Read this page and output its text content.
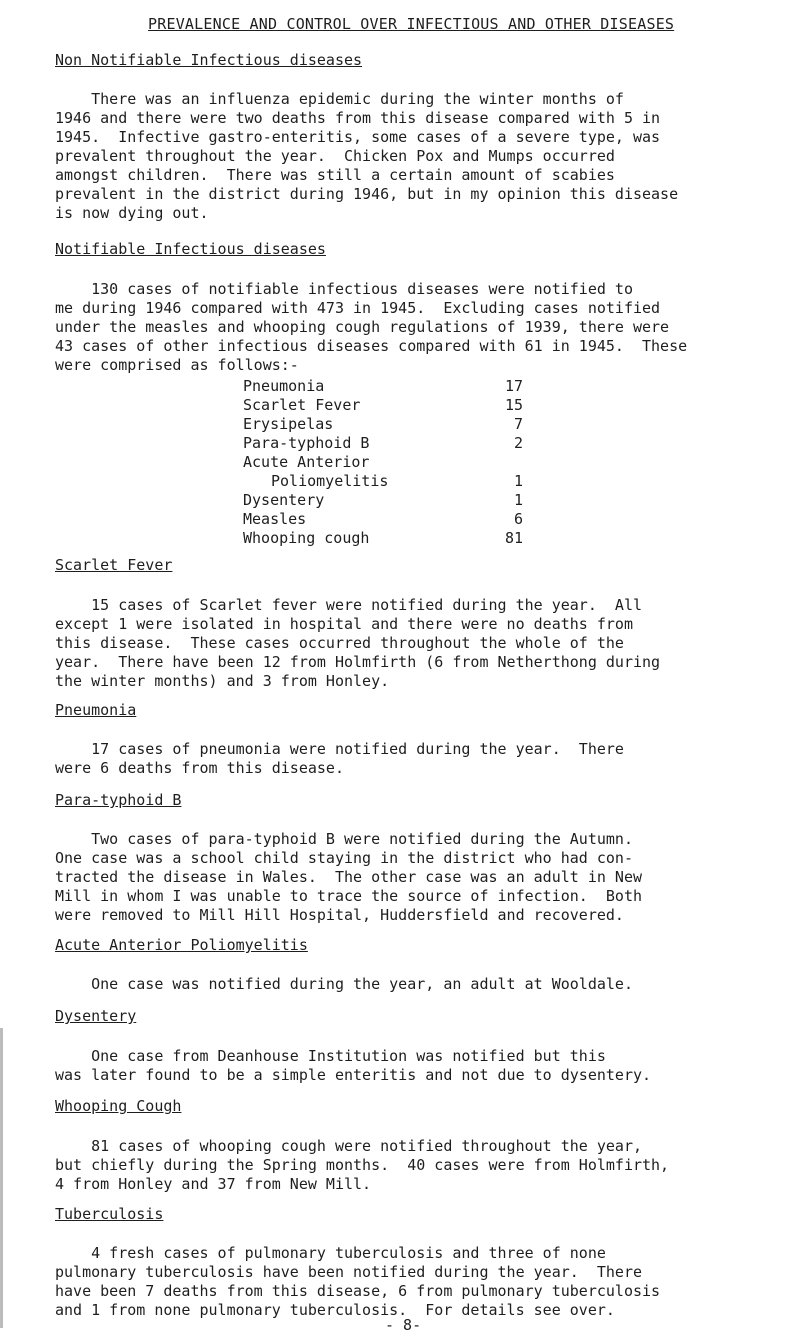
PREVALENCE AND CONTROL OVER INFECTIOUS AND OTHER DISEASES
Non Notifiable Infectious diseases
There was an influenza epidemic during the winter months of
1946 and there were two deaths from this disease compared with 5 in
1945.  Infective gastro-enteritis, some cases of a severe type, was
prevalent throughout the year.  Chicken Pox and Mumps occurred
amongst children.  There was still a certain amount of scabies
prevalent in the district during 1946, but in my opinion this disease
is now dying out.
Notifiable Infectious diseases
130 cases of notifiable infectious diseases were notified to
me during 1946 compared with 473 in 1945.  Excluding cases notified
under the measles and whooping cough regulations of 1939, there were
43 cases of other infectious diseases compared with 61 in 1945.  These
were comprised as follows:-
Pneumonia	17
Scarlet Fever	15
Erysipelas	7
Para-typhoid B	2
Acute Anterior
Poliomyelitis	1
Dysentery	1
Measles	6
Whooping cough	81
Scarlet Fever
15 cases of Scarlet fever were notified during the year.  All
except 1 were isolated in hospital and there were no deaths from
this disease.  These cases occurred throughout the whole of the
year.  There have been 12 from Holmfirth (6 from Netherthong during
the winter months) and 3 from Honley.
Pneumonia
17 cases of pneumonia were notified during the year.  There
were 6 deaths from this disease.
Para-typhoid B
Two cases of para-typhoid B were notified during the Autumn.
One case was a school child staying in the district who had con-
tracted the disease in Wales.  The other case was an adult in New
Mill in whom I was unable to trace the source of infection.  Both
were removed to Mill Hill Hospital, Huddersfield and recovered.
Acute Anterior Poliomyelitis
One case was notified during the year, an adult at Wooldale.
Dysentery
One case from Deanhouse Institution was notified but this
was later found to be a simple enteritis and not due to dysentery.
Whooping Cough
81 cases of whooping cough were notified throughout the year,
but chiefly during the Spring months.  40 cases were from Holmfirth,
4 from Honley and 37 from New Mill.
Tuberculosis
4 fresh cases of pulmonary tuberculosis and three of none
pulmonary tuberculosis have been notified during the year.  There
have been 7 deaths from this disease, 6 from pulmonary tuberculosis
and 1 from none pulmonary tuberculosis.  For details see over.
- 8-
